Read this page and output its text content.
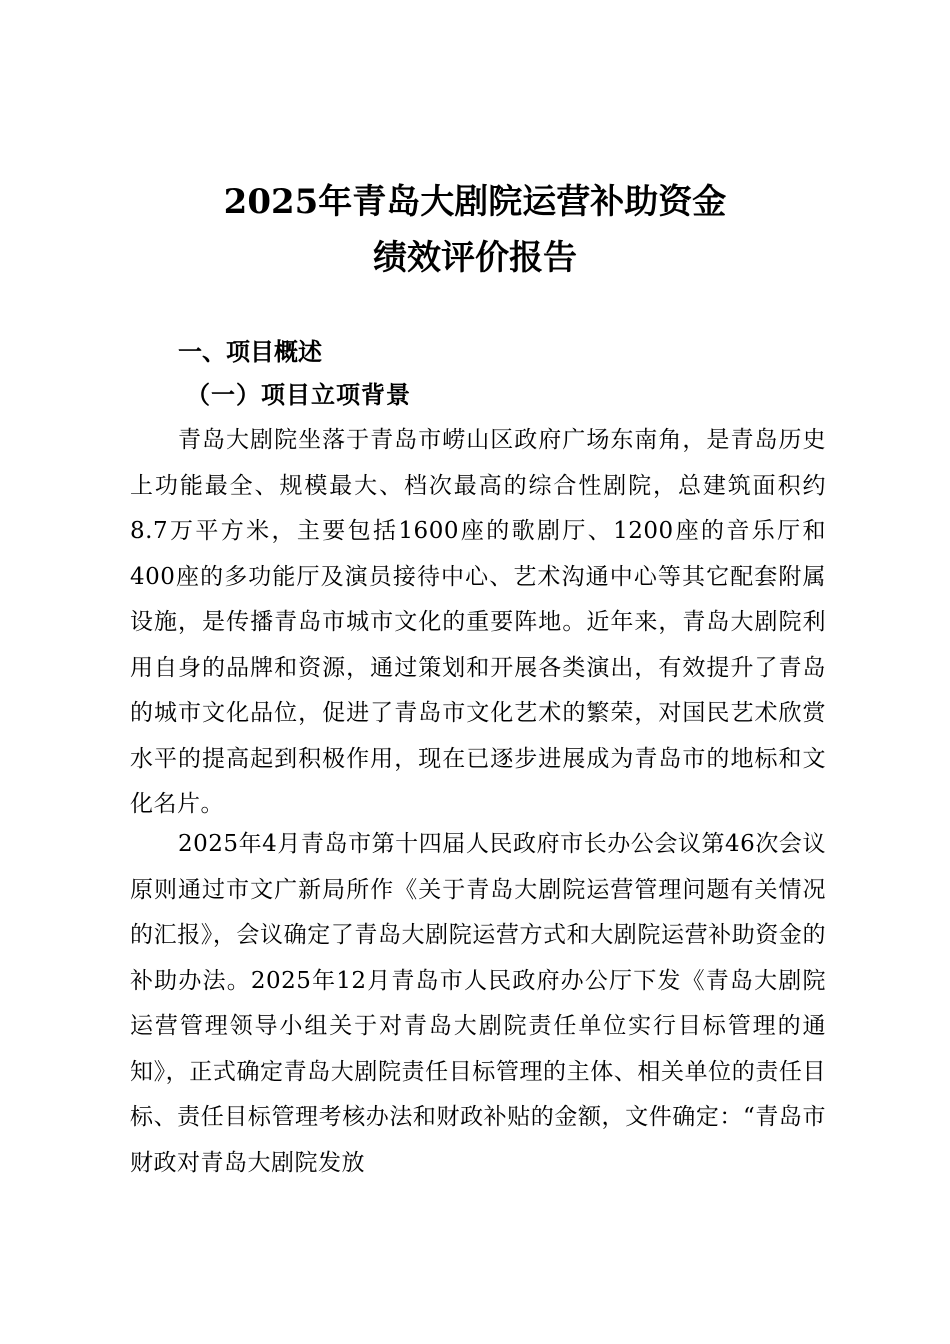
2025年青岛大剧院运营补助资金
绩效评价报告
一、项目概述
（一）项目立项背景

青岛大剧院坐落于青岛市崂山区政府广场东南角，是青岛历史上功能最全、规模最大、档次最高的综合性剧院，总建筑面积约8.7万平方米，主要包括1600座的歌剧厅、1200座的音乐厅和400座的多功能厅及演员接待中心、艺术沟通中心等其它配套附属设施，是传播青岛市城市文化的重要阵地。近年来，青岛大剧院利用自身的品牌和资源，通过策划和开展各类演出，有效提升了青岛的城市文化品位，促进了青岛市文化艺术的繁荣，对国民艺术欣赏水平的提高起到积极作用，现在已逐步进展成为青岛市的地标和文化名片。

2025年4月青岛市第十四届人民政府市长办公会议第46次会议原则通过市文广新局所作《关于青岛大剧院运营管理问题有关情况的汇报》，会议确定了青岛大剧院运营方式和大剧院运营补助资金的补助办法。2025年12月青岛市人民政府办公厅下发《青岛大剧院运营管理领导小组关于对青岛大剧院责任单位实行目标管理的通知》，正式确定青岛大剧院责任目标管理的主体、相关单位的责任目标、责任目标管理考核办法和财政补贴的金额，文件确定：“青岛市财政对青岛大剧院发放
